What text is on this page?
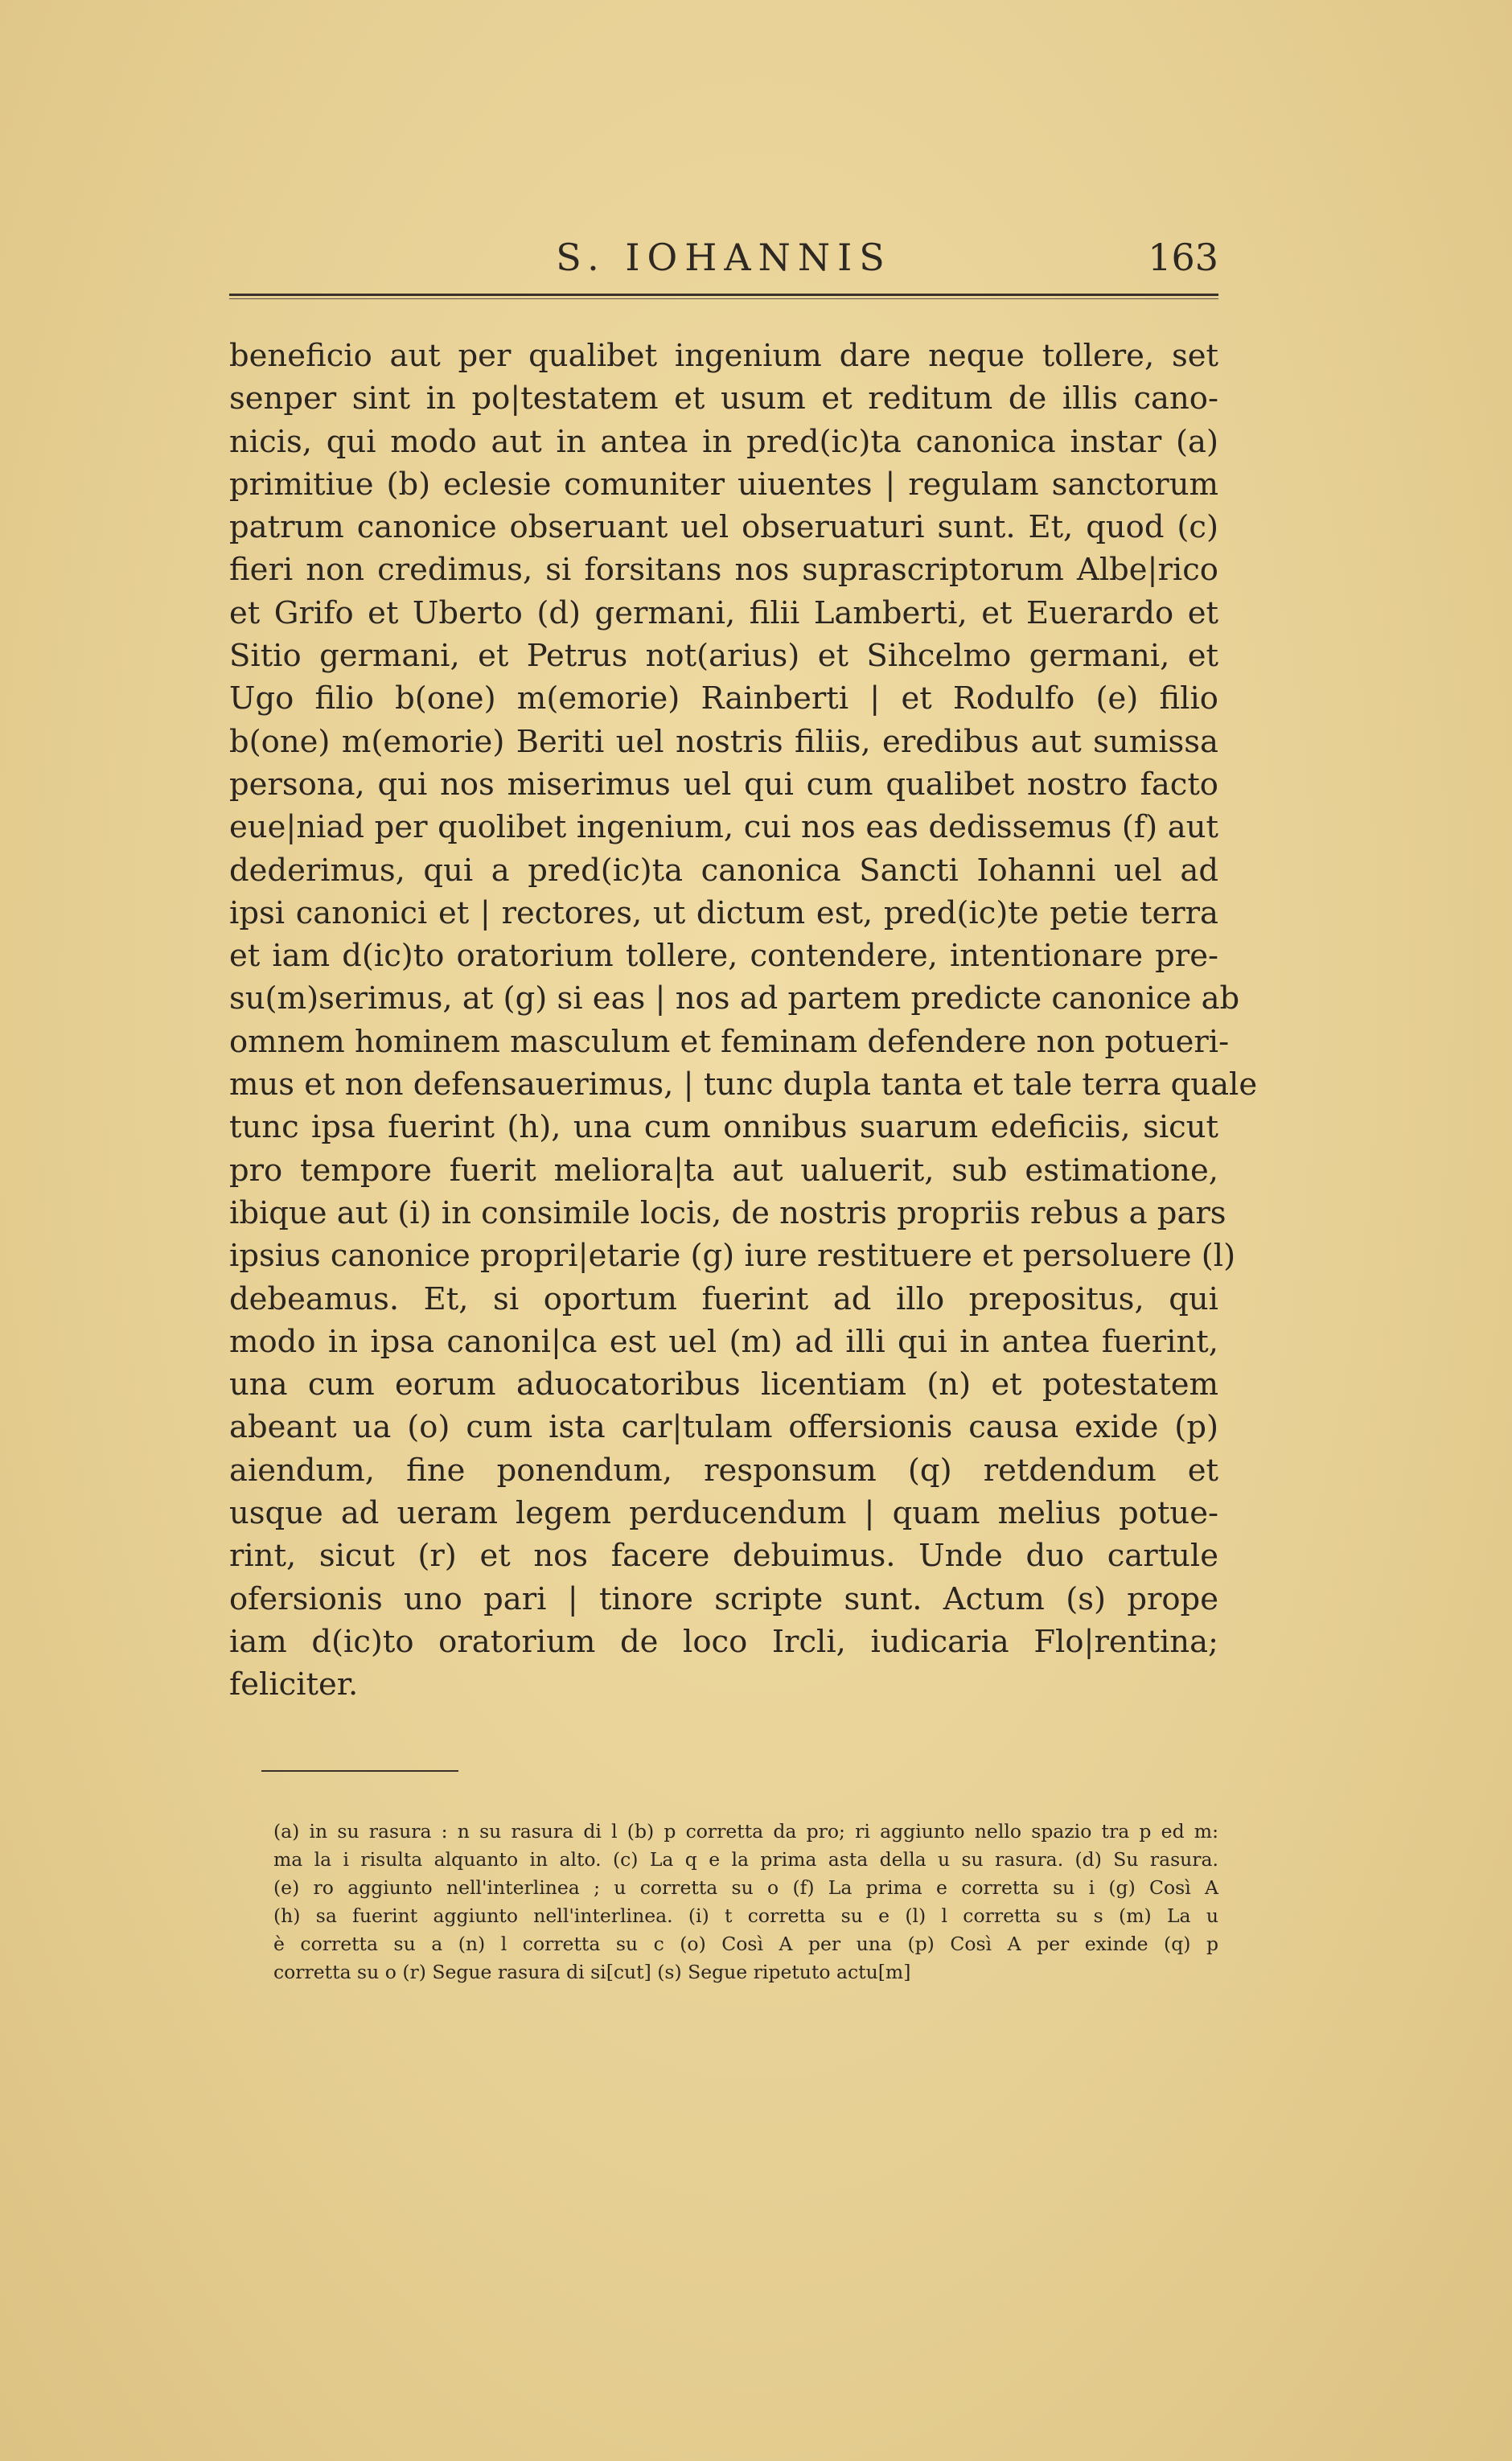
S. IOHANNIS	163
beneficio aut per qualibet ingenium dare neque tollere, set
senper sint in po|testatem et usum et reditum de illis cano-
nicis, qui modo aut in antea in pred(ic)ta canonica instar (a)
primitiue (b) eclesie comuniter uiuentes | regulam sanctorum
patrum canonice obseruant uel obseruaturi sunt. Et, quod (c)
fieri non credimus, si forsitans nos suprascriptorum Albe|rico
et Grifo et Uberto (d) germani, filii Lamberti, et Euerardo et
Sitio germani, et Petrus not(arius) et Sihcelmo germani, et
Ugo filio b(one) m(emorie) Rainberti | et Rodulfo (e) filio
b(one) m(emorie) Beriti uel nostris filiis, eredibus aut sumissa
persona, qui nos miserimus uel qui cum qualibet nostro facto
eue|niad per quolibet ingenium, cui nos eas dedissemus (f) aut
dederimus, qui a pred(ic)ta canonica Sancti Iohanni uel ad
ipsi canonici et | rectores, ut dictum est, pred(ic)te petie terra
et iam d(ic)to oratorium tollere, contendere, intentionare pre-
su(m)serimus, at (g) si eas | nos ad partem predicte canonice ab
omnem hominem masculum et feminam defendere non potueri-
mus et non defensauerimus, | tunc dupla tanta et tale terra quale
tunc ipsa fuerint (h), una cum onnibus suarum edeficiis, sicut
pro tempore fuerit meliora|ta aut ualuerit, sub estimatione,
ibique aut (i) in consimile locis, de nostris propriis rebus a pars
ipsius canonice propri|etarie (g) iure restituere et persoluere (l)
debeamus. Et, si oportum fuerint ad illo prepositus, qui
modo in ipsa canoni|ca est uel (m) ad illi qui in antea fuerint,
una cum eorum aduocatoribus licentiam (n) et potestatem
abeant ua (o) cum ista car|tulam offersionis causa exide (p)
aiendum, fine ponendum, responsum (q) retdendum et
usque ad ueram legem perducendum | quam melius potue-
rint, sicut (r) et nos facere debuimus. Unde duo cartule
ofersionis uno pari | tinore scripte sunt. Actum (s) prope
iam d(ic)to oratorium de loco Ircli, iudicaria Flo|rentina;
feliciter.
(a) in su rasura : n su rasura di l (b) p corretta da pro; ri aggiunto nello spazio tra p ed m:
ma la i risulta alquanto in alto. (c) La q e la prima asta della u su rasura. (d) Su rasura.
(e) ro aggiunto nell'interlinea ; u corretta su o (f) La prima e corretta su i (g) Così A
(h) sa fuerint aggiunto nell'interlinea. (i) t corretta su e (l) l corretta su s (m) La u
è corretta su a (n) l corretta su c (o) Così A per una (p) Così A per exinde (q) p
corretta su o (r) Segue rasura di si[cut] (s) Segue ripetuto actu[m]
